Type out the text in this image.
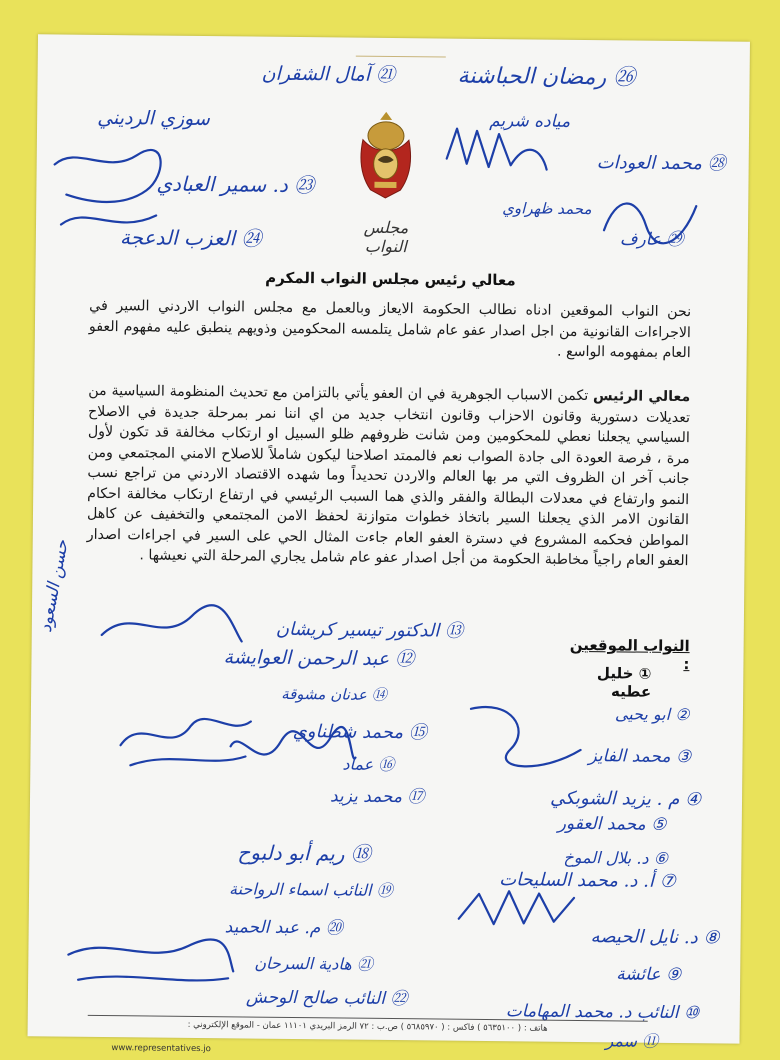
مجلس النواب
معالي رئيس مجلس النواب المكرم
نحن النواب الموقعين ادناه نطالب الحكومة الايعاز وبالعمل مع مجلس النواب الاردني السير في الاجراءات القانونية من اجل اصدار عفو عام شامل يتلمسه المحكومين وذويهم ينطبق عليه مفهوم العفو العام بمفهومه الواسع .
معالي الرئيس تكمن الاسباب الجوهرية في ان العفو يأتي بالتزامن مع تحديث المنظومة السياسية من تعديلات دستورية وقانون الاحزاب وقانون انتخاب جديد من اي اننا نمر بمرحلة جديدة في الاصلاح السياسي يجعلنا نعطي للمحكومين ومن شانت ظروفهم ظلو السبيل او ارتكاب مخالفة قد تكون لأول مرة ، فرصة العودة الى جادة الصواب نعم فالممتد اصلاحنا ليكون شاملاً للاصلاح الامني المجتمعي ومن جانب آخر ان الظروف التي مر بها العالم والاردن تحديداً وما شهده الاقتصاد الاردني من تراجع نسب النمو وارتفاع في معدلات البطالة والفقر والذي هما السبب الرئيسي في ارتفاع ارتكاب مخالفة احكام القانون الامر الذي يجعلنا السير باتخاذ خطوات متوازنة لحفظ الامن المجتمعي والتخفيف عن كاهل المواطن فحكمه المشروع في دسترة العفو العام جاءت المثال الحي على السير في اجراءات اصدار العفو العام راجياً مخاطبة الحكومة من أجل اصدار عفو عام شامل يجاري المرحلة التي نعيشها .
النواب الموقعين :
① خليل عطيه
㉑ آمال الشقران	㉖ رمضان الحباشنة
سوزي الرديني	مياده شريم
㉓ د. سمير العبادي
㉘ محمد العودات
㉔ العزب الدعجة
محمد ظهراوي
㉙ عارف
⑬ الدكتور تيسير كريشان
⑫ عبد الرحمن العوايشة
⑭ عدنان مشوقة
⑮ محمد شطناوي
⑯ عماد
⑰ محمد يزيد
⑱ ريم أبو دلبوح
⑲ النائب اسماء الرواحنة
⑳ م. عبد الحميد
㉑ هادية السرحان
㉒ النائب صالح الوحش
② ابو يحيى
③ محمد الفايز
④ م . يزيد الشوبكي
⑤ محمد العقور
⑥ د. بلال الموخ
⑦ أ. د. محمد السليحات
⑧ د. نايل الحيصه
⑨ عائشة
⑩ النائب د. محمد المهامات
⑪ سمر
حسن السعود
هاتف : ( ٥٦٣٥١٠٠ ) فاكس : ( ٥٦٨٥٩٧٠ ) ص.ب : ٧٢ الرمز البريدي ١١١٠١ عمان - الموقع الإلكتروني :
www.representatives.jo
